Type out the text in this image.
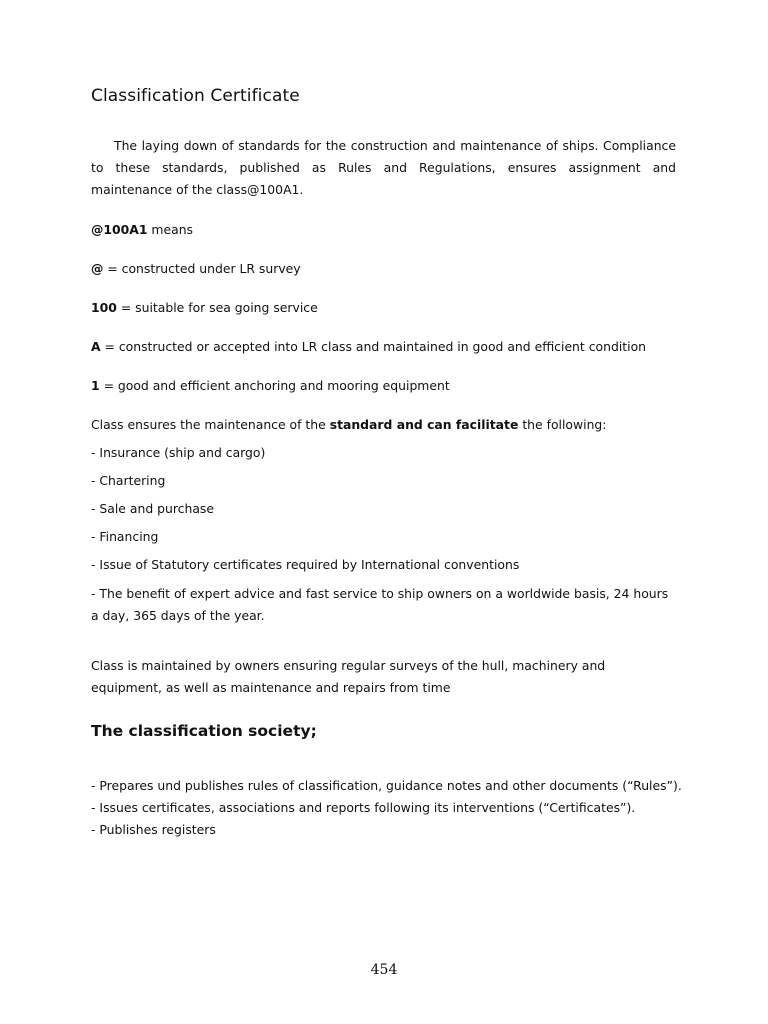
Classification Certificate

The laying down of standards for the construction and maintenance of ships. Compliance to these standards, published as Rules and Regulations, ensures assignment and maintenance of the class@100A1.

@100A1 means

@ = constructed under LR survey

100 = suitable for sea going service

A = constructed or accepted into LR class and maintained in good and efficient condition

1 = good and efficient anchoring and mooring equipment

Class ensures the maintenance of the standard and can facilitate the following:

- Insurance (ship and cargo)

- Chartering

- Sale and purchase

- Financing

- Issue of Statutory certificates required by International conventions

- The benefit of expert advice and fast service to ship owners on a worldwide basis, 24 hours a day, 365 days of the year.

Class is maintained by owners ensuring regular surveys of the hull, machinery and equipment, as well as maintenance and repairs from time

The classification society;
- Prepares und publishes rules of classification, guidance notes and other documents (“Rules”).
- Issues certificates, associations and reports following its interventions (“Certificates”).
- Publishes registers
454
